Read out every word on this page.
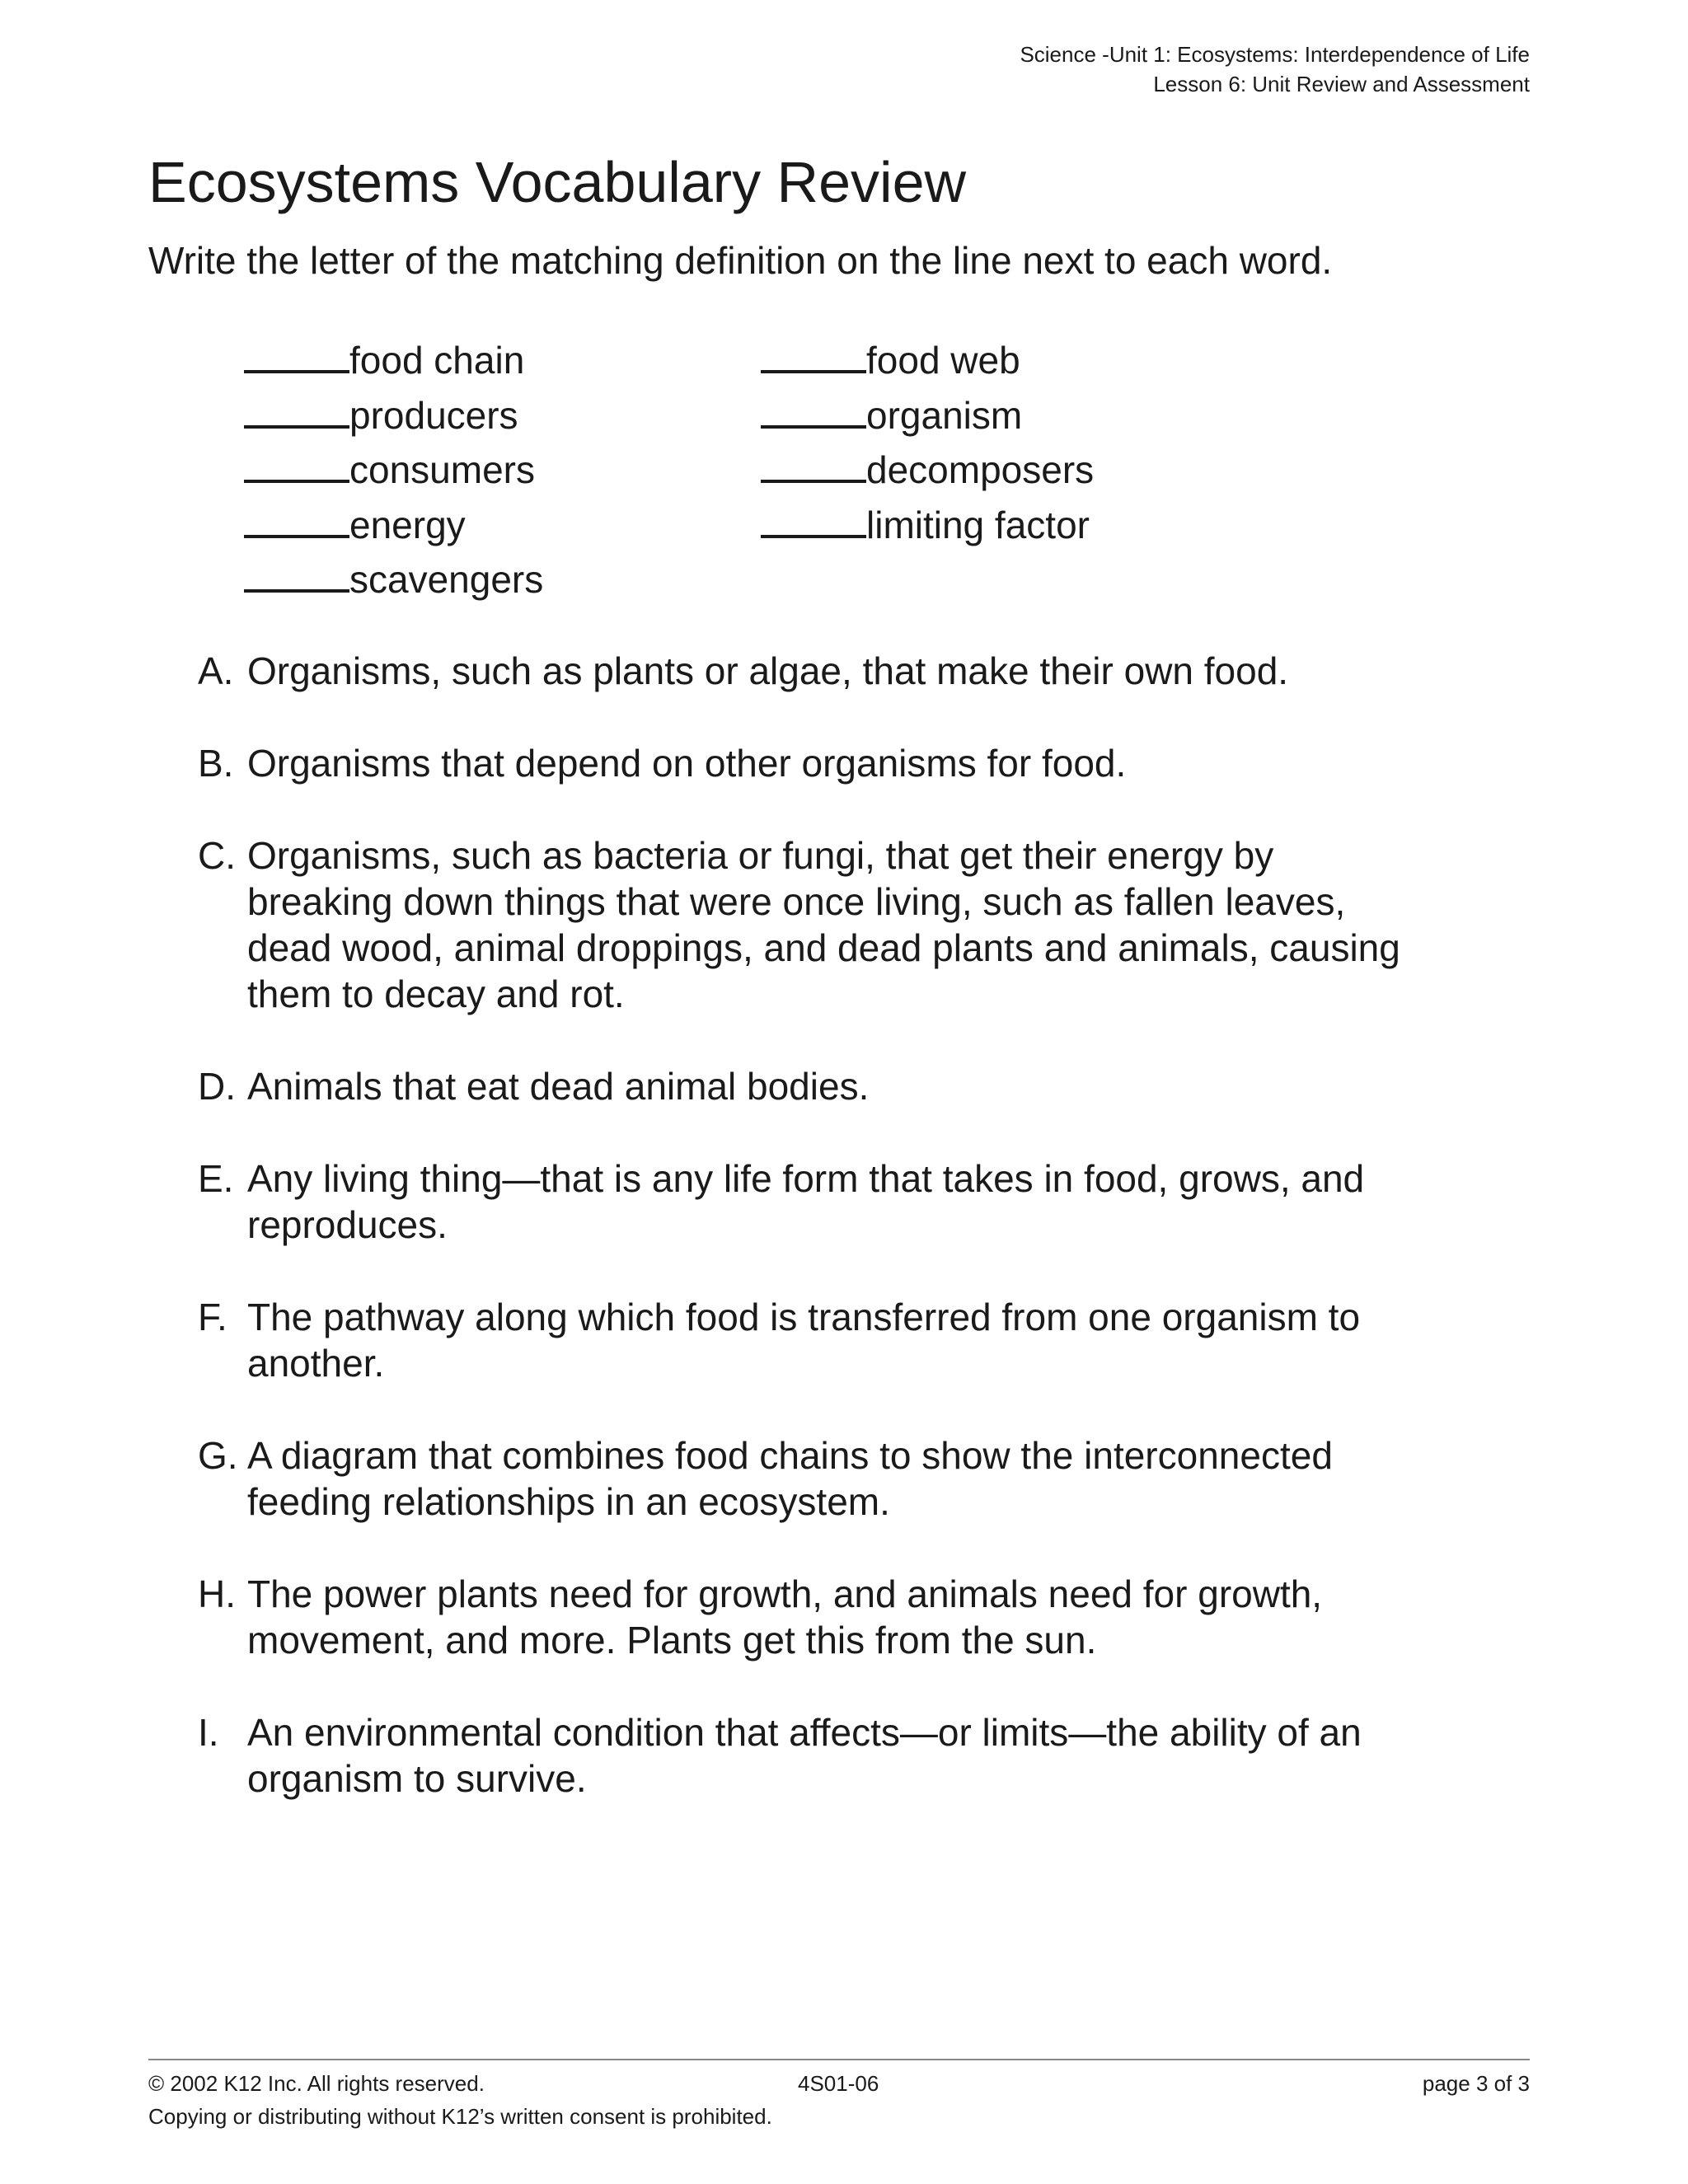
Science -Unit 1: Ecosystems: Interdependence of Life
Lesson 6: Unit Review and Assessment
Ecosystems Vocabulary Review

Write the letter of the matching definition on the line next to each word.

food chain
producers
consumers
energy
scavengers
food web
organism
decomposers
limiting factor
A. Organisms, such as plants or algae, that make their own food.
B. Organisms that depend on other organisms for food.
C. Organisms, such as bacteria or fungi, that get their energy by breaking down things that were once living, such as fallen leaves, dead wood, animal droppings, and dead plants and animals, causing them to decay and rot.
D. Animals that eat dead animal bodies.
E. Any living thing—that is any life form that takes in food, grows, and reproduces.
F. The pathway along which food is transferred from one organism to another.
G. A diagram that combines food chains to show the interconnected feeding relationships in an ecosystem.
H. The power plants need for growth, and animals need for growth, movement, and more. Plants get this from the sun.
I. An environmental condition that affects—or limits—the ability of an organism to survive.
© 2002 K12 Inc. All rights reserved.	4S01-06	page 3 of 3
Copying or distributing without K12’s written consent is prohibited.
